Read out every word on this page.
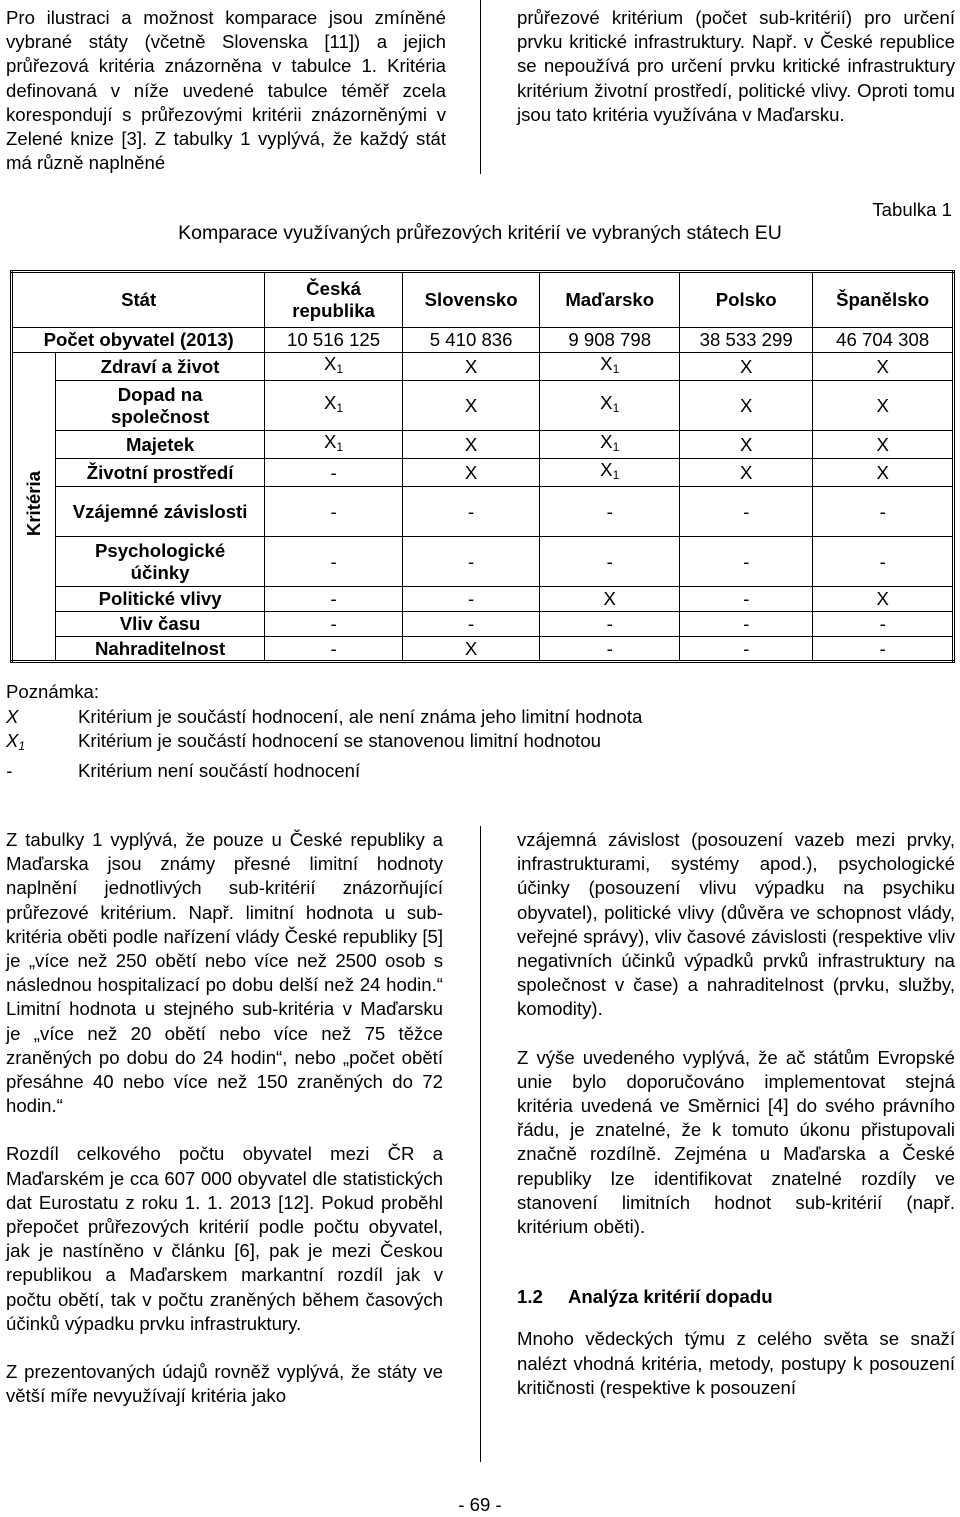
Pro ilustraci a možnost komparace jsou zmíněné vybrané státy (včetně Slovenska [11]) a jejich průřezová kritéria znázorněna v tabulce 1. Kritéria definovaná v níže uvedené tabulce téměř zcela korespondují s průřezovými kritérii znázorněnými v Zelené knize [3]. Z tabulky 1 vyplývá, že každý stát má různě naplněné

průřezové kritérium (počet sub-kritérií) pro určení prvku kritické infrastruktury. Např. v České republice se nepoužívá pro určení prvku kritické infrastruktury kritérium životní prostředí, politické vlivy. Oproti tomu jsou tato kritéria využívána v Maďarsku.

Tabulka 1
Komparace využívaných průřezových kritérií ve vybraných státech EU
Stát		Česká republika	Slovensko	Maďarsko	Polsko	Španělsko
Počet obyvatel (2013)		10 516 125	5 410 836	9 908 798	38 533 299	46 704 308
Kritéria	Zdraví a život	$X_1$	X	$X_1$	X	X
	Dopad na společnost	$X_1$	X	$X_1$	X	X
	Majetek	$X_1$	X	$X_1$	X	X
	Životní prostředí	-	X	$X_1$	X	X
	Vzájemné závislosti	-	-	-	-	-
	Psychologické účinky	-	-	-	-	-
	Politické vlivy	-	-	X	-	X
	Vliv času	-	-	-	-	-
	Nahraditelnost	-	X	-	-	-
Poznámka:
X	Kritérium je součástí hodnocení, ale není známa jeho limitní hodnota
$X_1$	Kritérium je součástí hodnocení se stanovenou limitní hodnotou
-	Kritérium není součástí hodnocení

Z tabulky 1 vyplývá, že pouze u České republiky a Maďarska jsou známy přesné limitní hodnoty naplnění jednotlivých sub-kritérií znázorňující průřezové kritérium. Např. limitní hodnota u sub-kritéria oběti podle nařízení vlády České republiky [5] je „více než 250 obětí nebo více než 2500 osob s následnou hospitalizací po dobu delší než 24 hodin.“ Limitní hodnota u stejného sub-kritéria v Maďarsku je „více než 20 obětí nebo více než 75 těžce zraněných po dobu do 24 hodin“, nebo „počet obětí přesáhne 40 nebo více než 150 zraněných do 72 hodin.“

Rozdíl celkového počtu obyvatel mezi ČR a Maďarském je cca 607 000 obyvatel dle statistických dat Eurostatu z roku 1. 1. 2013 [12]. Pokud proběhl přepočet průřezových kritérií podle počtu obyvatel, jak je nastíněno v článku [6], pak je mezi Českou republikou a Maďarskem markantní rozdíl jak v počtu obětí, tak v počtu zraněných během časových účinků výpadku prvku infrastruktury.

Z prezentovaných údajů rovněž vyplývá, že státy ve větší míře nevyužívají kritéria jako

vzájemná závislost (posouzení vazeb mezi prvky, infrastrukturami, systémy apod.), psychologické účinky (posouzení vlivu výpadku na psychiku obyvatel), politické vlivy (důvěra ve schopnost vlády, veřejné správy), vliv časové závislosti (respektive vliv negativních účinků výpadků prvků infrastruktury na společnost v čase) a nahraditelnost (prvku, služby, komodity).

Z výše uvedeného vyplývá, že ač státům Evropské unie bylo doporučováno implementovat stejná kritéria uvedená ve Směrnici [4] do svého právního řádu, je znatelné, že k tomuto úkonu přistupovali značně rozdílně. Zejména u Maďarska a České republiky lze identifikovat znatelné rozdíly ve stanovení limitních hodnot sub-kritérií (např. kritérium oběti).

1.2     Analýza kritérií dopadu

Mnoho vědeckých týmu z celého světa se snaží nalézt vhodná kritéria, metody, postupy k posouzení kritičnosti (respektive k posouzení

- 69 -
